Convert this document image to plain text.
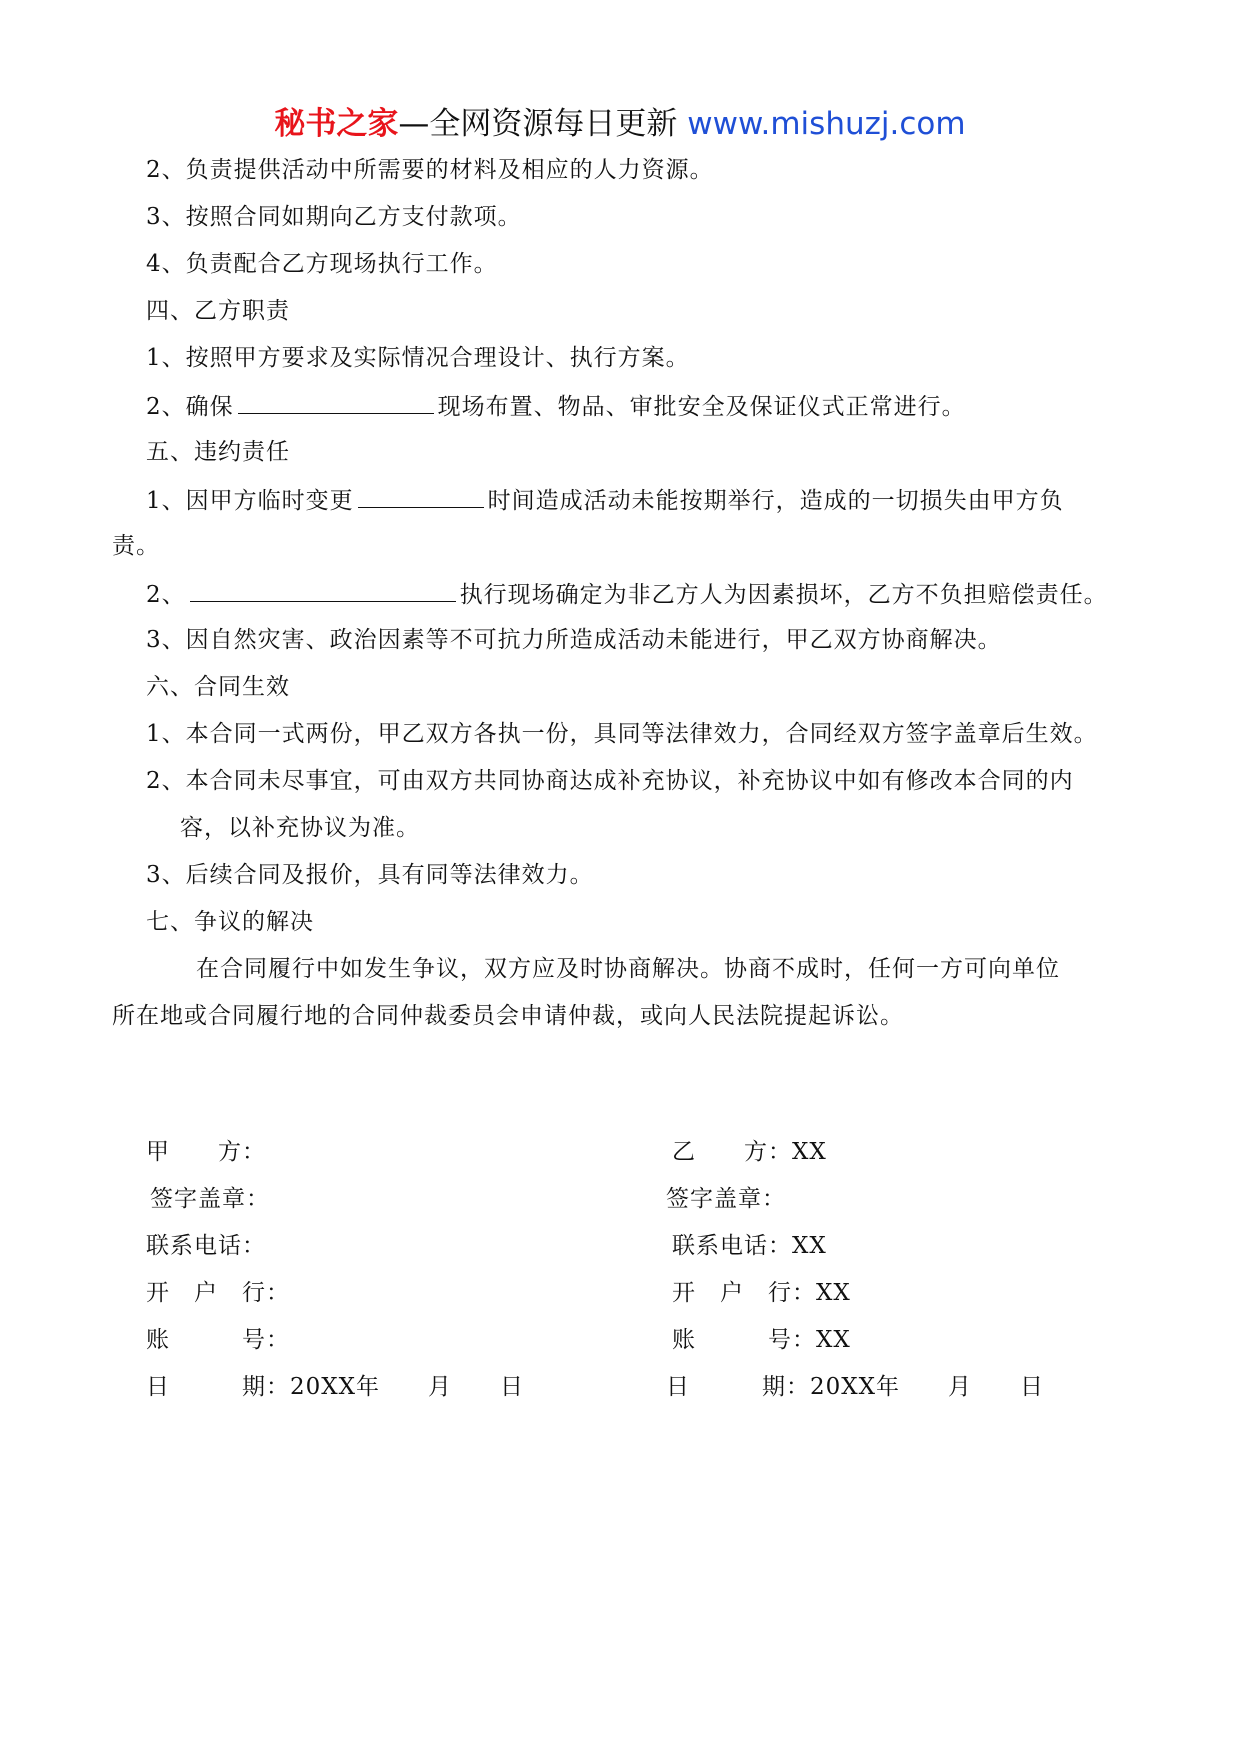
秘书之家—全网资源每日更新 www.mishuzj.com
2、负责提供活动中所需要的材料及相应的人力资源。
3、按照合同如期向乙方支付款项。
4、负责配合乙方现场执行工作。
四、乙方职责
1、按照甲方要求及实际情况合理设计、执行方案。
2、确保	现场布置、物品、审批安全及保证仪式正常进行。
五、违约责任
1、因甲方临时变更	时间造成活动未能按期举行，造成的一切损失由甲方负
责。
2、	执行现场确定为非乙方人为因素损坏，乙方不负担赔偿责任。
3、因自然灾害、政治因素等不可抗力所造成活动未能进行，甲乙双方协商解决。
六、合同生效
1、本合同一式两份，甲乙双方各执一份，具同等法律效力，合同经双方签字盖章后生效。
2、本合同未尽事宜，可由双方共同协商达成补充协议，补充协议中如有修改本合同的内
容，以补充协议为准。
3、后续合同及报价，具有同等法律效力。
七、争议的解决
在合同履行中如发生争议，双方应及时协商解决。协商不成时，任何一方可向单位
所在地或合同履行地的合同仲裁委员会申请仲裁，或向人民法院提起诉讼。
甲　　方：
签字盖章：
联系电话：
开　户　行：
账　　　号：
日　　　期：20XX年　　月　　日
乙　　方：XX
签字盖章：
联系电话：XX
开　户　行：XX
账　　　号：XX
日　　　期：20XX年　　月　　日
